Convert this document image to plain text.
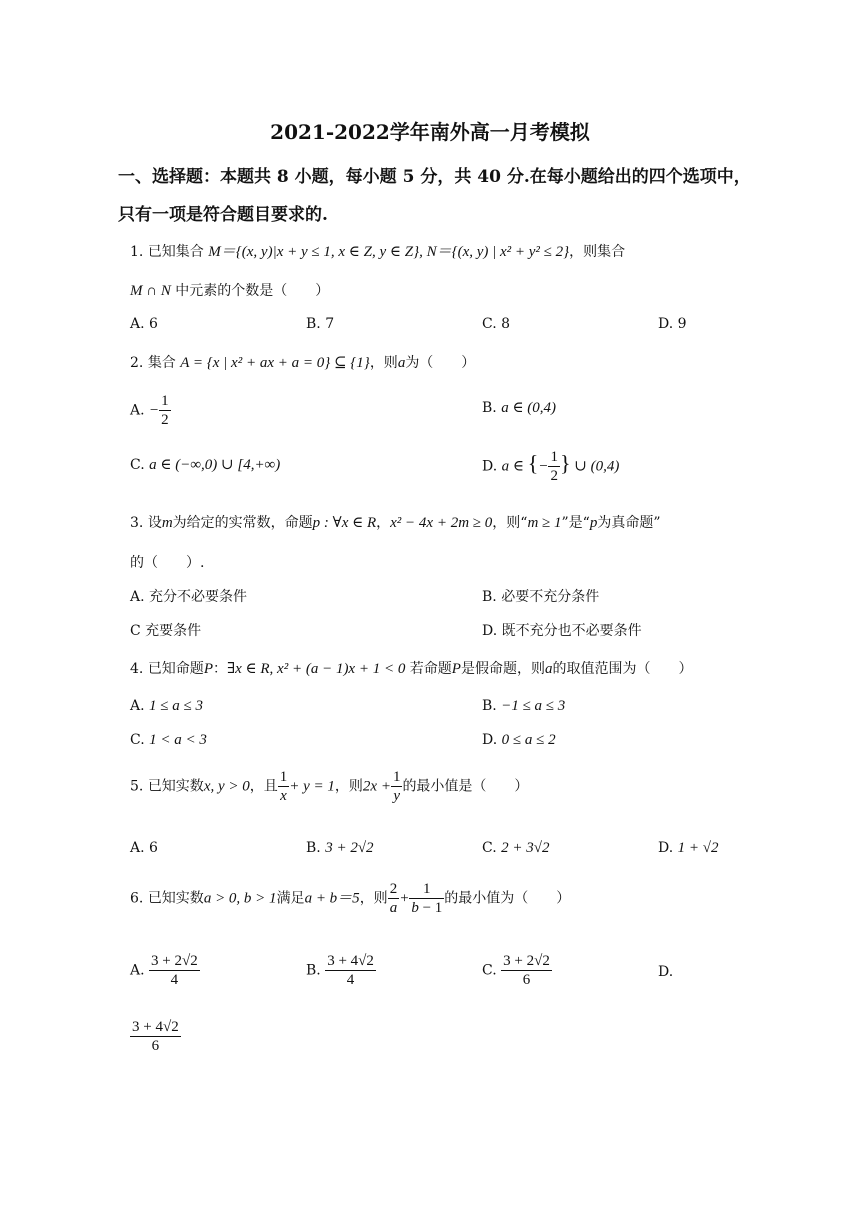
2021-2022学年南外高一月考模拟
一、选择题：本题共 8 小题，每小题 5 分，共 40 分.在每小题给出的四个选项中，
只有一项是符合题目要求的.
1. 已知集合 M＝{(x, y)|x + y ≤ 1, x ∈ Z, y ∈ Z}, N＝{(x, y) | x² + y² ≤ 2}，则集合
M ∩ N 中元素的个数是（　　）
A. 6	B. 7	C. 8	D. 9
2. 集合 A = {x | x² + ax + a = 0} ⊆ {1}，则a为（　　）
A. − $\frac{1}{2}$	B. a ∈ (0,4)
C. a ∈ (−∞,0) ∪ [4,+∞)	D. a ∈ {− $\frac{1}{2}$ } ∪ (0,4)
3. 设m为给定的实常数，命题p : ∀x ∈ R，x² − 4x + 2m ≥ 0，则“m ≥ 1”是“p为真命题”
的（　　）.
A. 充分不必要条件	B. 必要不充分条件
C 充要条件	D. 既不充分也不必要条件
4. 已知命题P：∃x ∈ R, x² + (a − 1)x + 1 < 0 若命题P是假命题，则a的取值范围为（　　）
A. 1 ≤ a ≤ 3	B. −1 ≤ a ≤ 3
C. 1 < a < 3	D. 0 ≤ a ≤ 2
5. 已知实数x, y > 0，且 $\frac{1}{x} + y = 1$，则$2x + \frac{1}{y}$ 的最小值是（　　）
A. 6	B. 3 + 2√2	C. 2 + 3√2	D. 1 + √2
6. 已知实数a > 0, b > 1满足a + b＝5，则 $\frac{2}{a} + \frac{1}{b - 1}$ 的最小值为（　　）
A. $\frac{3 + 2√2}{4}$	B. $\frac{3 + 4√2}{4}$	C. $\frac{3 + 2√2}{6}$	D.
$\frac{3 + 4√2}{6}$
